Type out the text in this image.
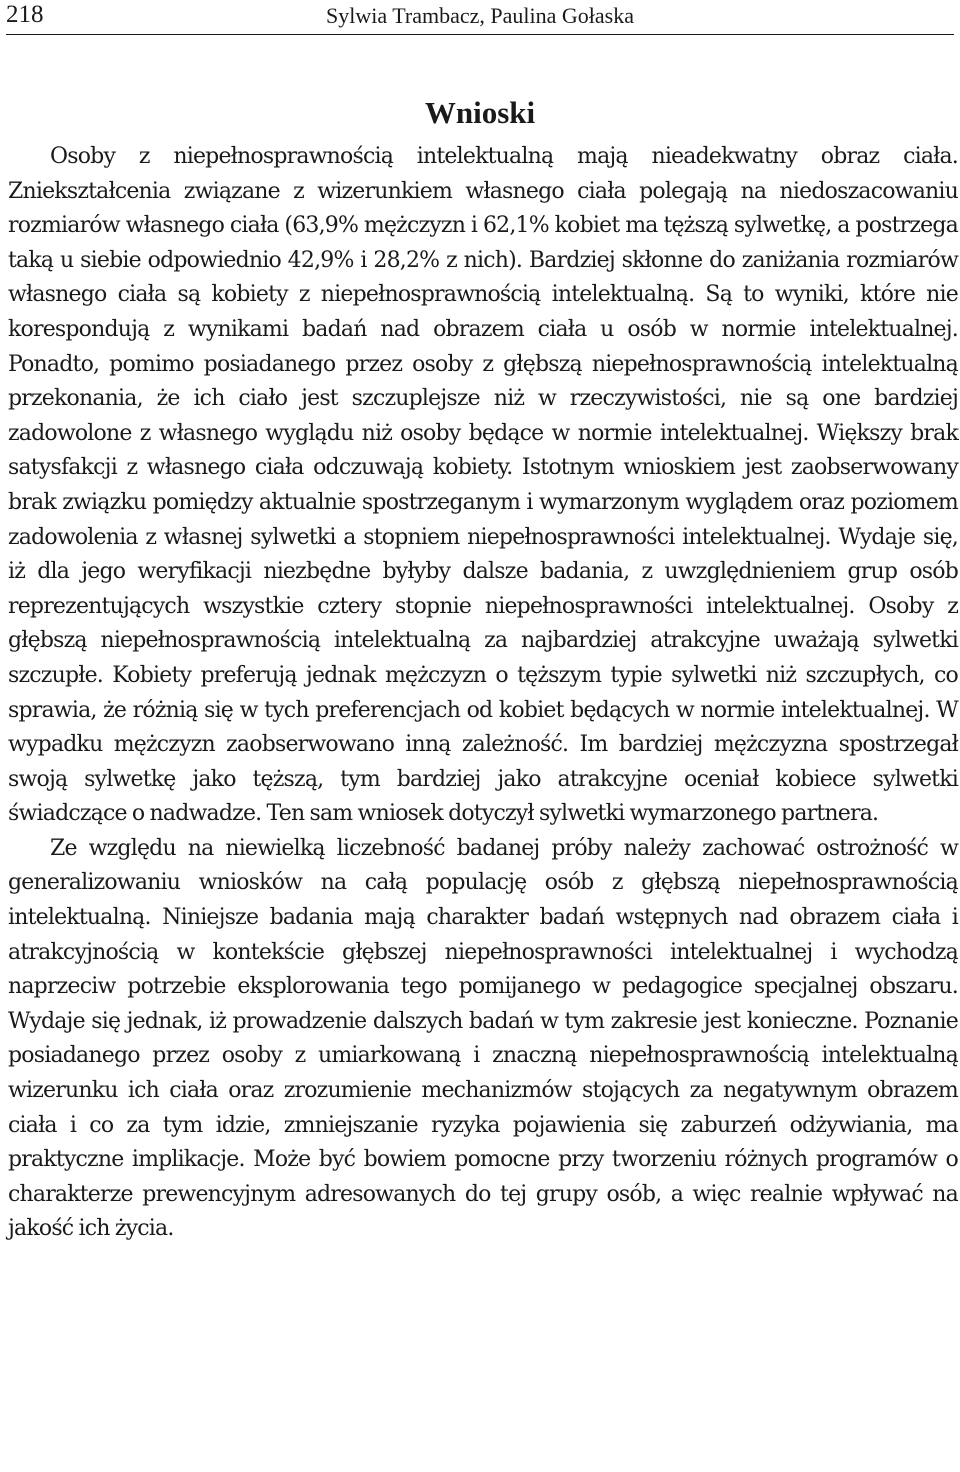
218	Sylwia Trambacz, Paulina Gołaska
Wnioski

Osoby z niepełnosprawnością intelektualną mają nieadekwatny obraz ciała. Zniekształcenia związane z wizerunkiem własnego ciała polegają na niedoszacowaniu rozmiarów własnego ciała (63,9% mężczyzn i 62,1% kobiet ma tęższą sylwetkę, a postrzega taką u siebie odpowiednio 42,9% i 28,2% z nich). Bardziej skłonne do zaniżania rozmiarów własnego ciała są kobiety z niepełnosprawnością intelektualną. Są to wyniki, które nie korespondują z wynikami badań nad obrazem ciała u osób w normie intelektualnej. Ponadto, pomimo posiadanego przez osoby z głębszą niepełnosprawnością intelektualną przekonania, że ich ciało jest szczuplejsze niż w rzeczywistości, nie są one bardziej zadowolone z własnego wyglądu niż osoby będące w normie intelektualnej. Większy brak satysfakcji z własnego ciała odczuwają kobiety. Istotnym wnioskiem jest zaobserwowany brak związku pomiędzy aktualnie spostrzeganym i wymarzonym wyglądem oraz poziomem zadowolenia z własnej sylwetki a stopniem niepełnosprawności intelektualnej. Wydaje się, iż dla jego weryfikacji niezbędne byłyby dalsze badania, z uwzględnieniem grup osób reprezentujących wszystkie cztery stopnie niepełnosprawności intelektualnej. Osoby z głębszą niepełnosprawnością intelektualną za najbardziej atrakcyjne uważają sylwetki szczupłe. Kobiety preferują jednak mężczyzn o tęższym typie sylwetki niż szczupłych, co sprawia, że różnią się w tych preferencjach od kobiet będących w normie intelektualnej. W wypadku mężczyzn zaobserwowano inną zależność. Im bardziej mężczyzna spostrzegał swoją sylwetkę jako tęższą, tym bardziej jako atrakcyjne oceniał kobiece sylwetki świadczące o nadwadze. Ten sam wniosek dotyczył sylwetki wymarzonego partnera.

Ze względu na niewielką liczebność badanej próby należy zachować ostrożność w generalizowaniu wniosków na całą populację osób z głębszą niepełnosprawnością intelektualną. Niniejsze badania mają charakter badań wstępnych nad obrazem ciała i atrakcyjnością w kontekście głębszej niepełnosprawności intelektualnej i wychodzą naprzeciw potrzebie eksplorowania tego pomijanego w pedagogice specjalnej obszaru. Wydaje się jednak, iż prowadzenie dalszych badań w tym zakresie jest konieczne. Poznanie posiadanego przez osoby z umiarkowaną i znaczną niepełnosprawnością intelektualną wizerunku ich ciała oraz zrozumienie mechanizmów stojących za negatywnym obrazem ciała i co za tym idzie, zmniejszanie ryzyka pojawienia się zaburzeń odżywiania, ma praktyczne implikacje. Może być bowiem pomocne przy tworzeniu różnych programów o charakterze prewencyjnym adresowanych do tej grupy osób, a więc realnie wpływać na jakość ich życia.
